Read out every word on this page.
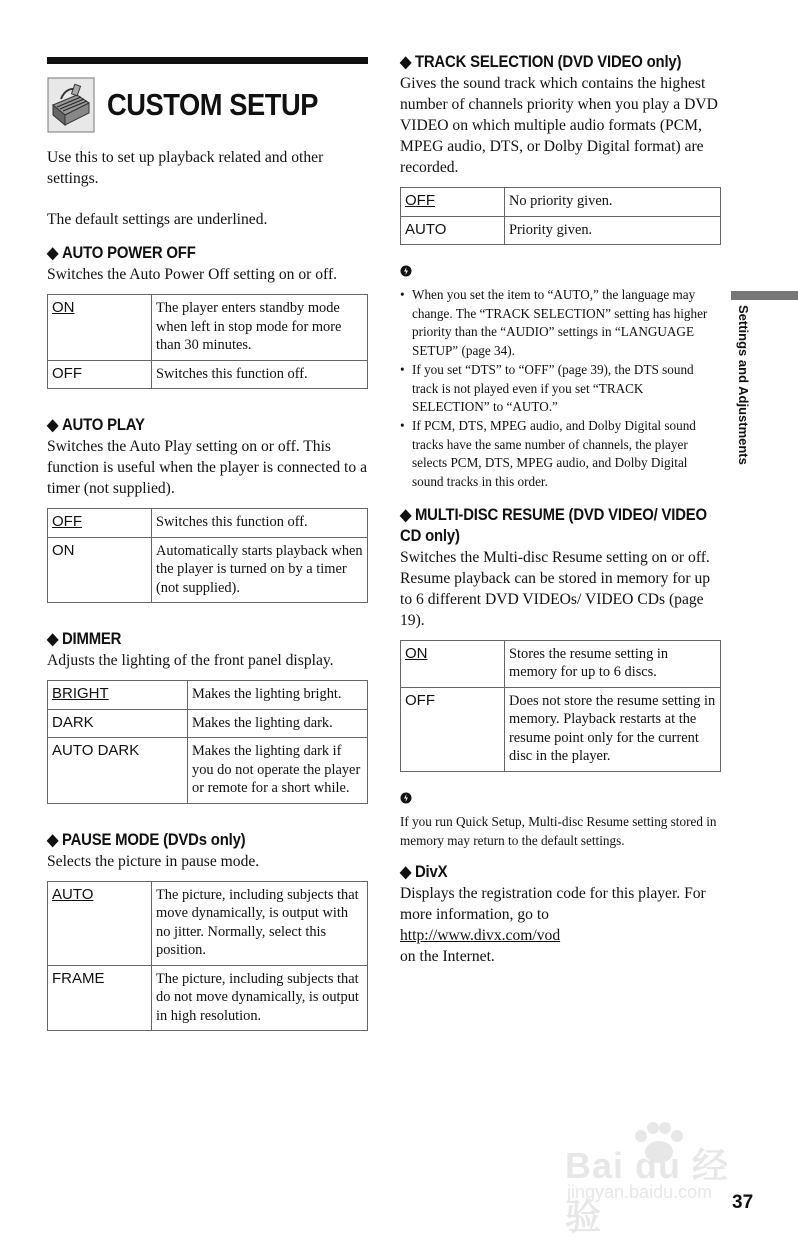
CUSTOM SETUP

Use this to set up playback related and other settings.

The default settings are underlined.

◆ AUTO POWER OFF

Switches the Auto Power Off setting on or off.

ON	The player enters standby mode when left in stop mode for more than 30 minutes.
OFF	Switches this function off.
◆ AUTO PLAY

Switches the Auto Play setting on or off. This function is useful when the player is connected to a timer (not supplied).

OFF	Switches this function off.
ON	Automatically starts playback when the player is turned on by a timer (not supplied).
◆ DIMMER

Adjusts the lighting of the front panel display.

BRIGHT	Makes the lighting bright.
DARK	Makes the lighting dark.
AUTO DARK	Makes the lighting dark if you do not operate the player or remote for a short while.
◆ PAUSE MODE (DVDs only)

Selects the picture in pause mode.

AUTO	The picture, including subjects that move dynamically, is output with no jitter. Normally, select this position.
FRAME	The picture, including subjects that do not move dynamically, is output in high resolution.
◆ TRACK SELECTION (DVD VIDEO only)

Gives the sound track which contains the highest number of channels priority when you play a DVD VIDEO on which multiple audio formats (PCM, MPEG audio, DTS, or Dolby Digital format) are recorded.

OFF	No priority given.
AUTO	Priority given.
• When you set the item to “AUTO,” the language may change. The “TRACK SELECTION” setting has higher priority than the “AUDIO” settings in “LANGUAGE SETUP” (page 34).
• If you set “DTS” to “OFF” (page 39), the DTS sound track is not played even if you set “TRACK SELECTION” to “AUTO.”
• If PCM, DTS, MPEG audio, and Dolby Digital sound tracks have the same number of channels, the player selects PCM, DTS, MPEG audio, and Dolby Digital sound tracks in this order.
◆ MULTI-DISC RESUME (DVD VIDEO/ VIDEO CD only)

Switches the Multi-disc Resume setting on or off. Resume playback can be stored in memory for up to 6 different DVD VIDEOs/ VIDEO CDs (page 19).

ON	Stores the resume setting in memory for up to 6 discs.
OFF	Does not store the resume setting in memory. Playback restarts at the resume point only for the current disc in the player.

If you run Quick Setup, Multi-disc Resume setting stored in memory may return to the default settings.

◆ DivX

Displays the registration code for this player. For more information, go to

http://www.divx.com/vod

on the Internet.

Settings and Adjustments
Bai du 经验
jingyan.baidu.com 37
